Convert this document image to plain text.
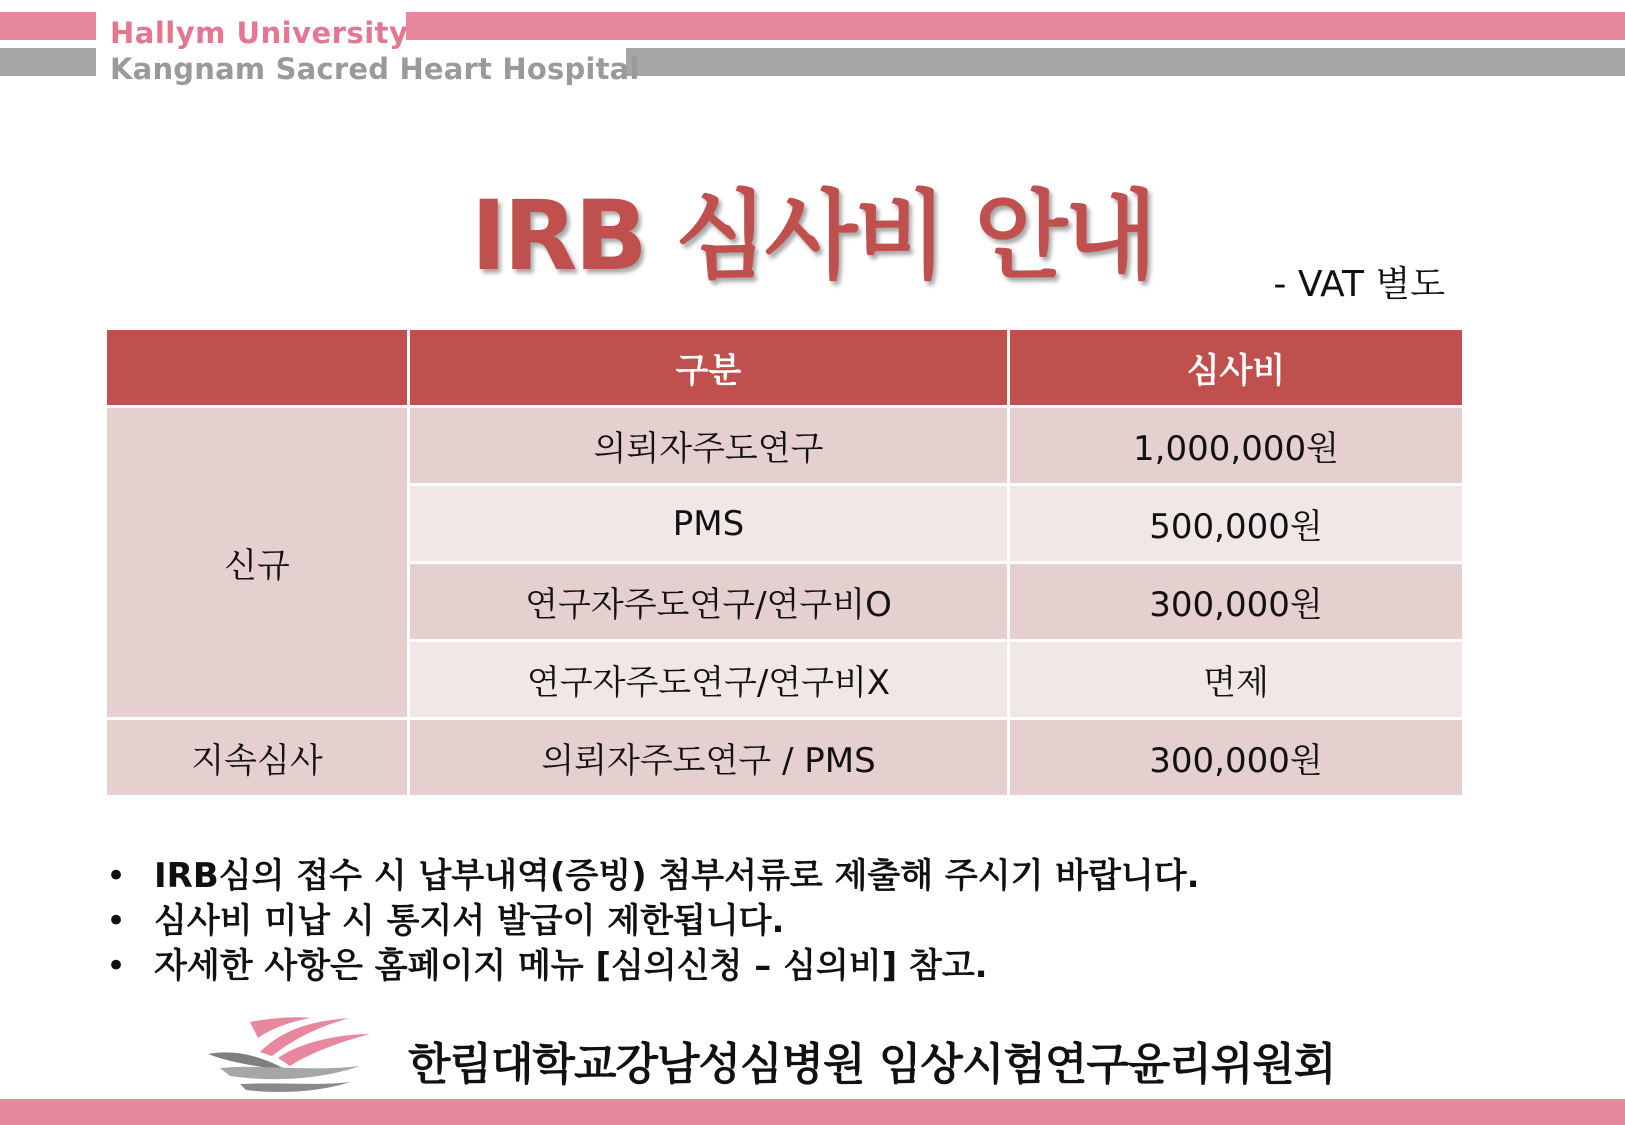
Hallym University
Kangnam Sacred Heart Hospital
IRB 심사비 안내	- VAT 별도
	구분	심사비
신규	의뢰자주도연구	1,000,000원
	PMS	500,000원
	연구자주도연구/연구비O	300,000원
	연구자주도연구/연구비X	면제
지속심사	의뢰자주도연구 / PMS	300,000원
• IRB심의 접수 시 납부내역(증빙) 첨부서류로 제출해 주시기 바랍니다.
• 심사비 미납 시 통지서 발급이 제한됩니다.
• 자세한 사항은 홈페이지 메뉴 [심의신청 – 심의비] 참고.
한림대학교강남성심병원 임상시험연구윤리위원회
